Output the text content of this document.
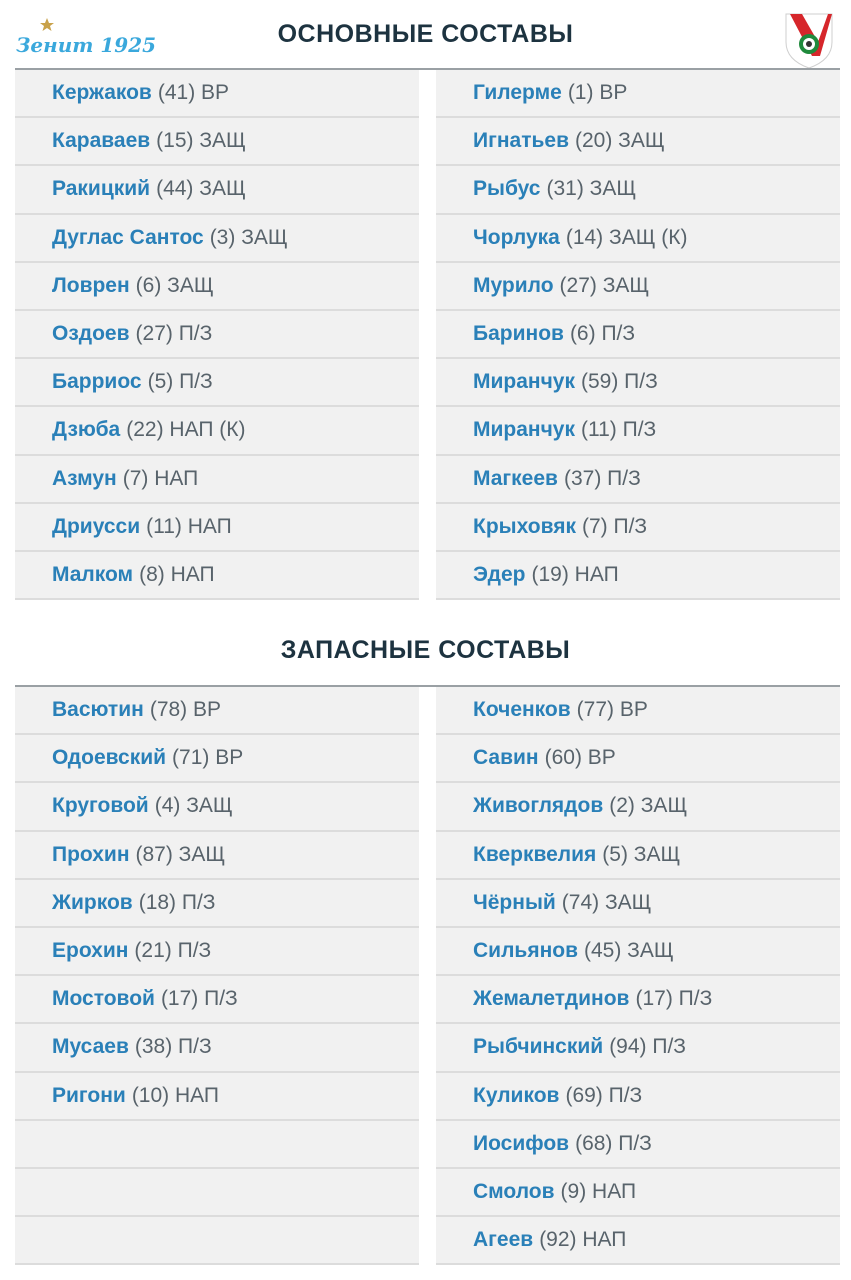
Зенит 1925	ОСНОВНЫЕ СОСТАВЫ
Кержаков (41) ВР
Караваев (15) ЗАЩ
Ракицкий (44) ЗАЩ
Дуглас Сантос (3) ЗАЩ
Ловрен (6) ЗАЩ
Оздоев (27) П/З
Барриос (5) П/З
Дзюба (22) НАП (К)
Азмун (7) НАП
Дриусси (11) НАП
Малком (8) НАП
Гилерме (1) ВР
Игнатьев (20) ЗАЩ
Рыбус (31) ЗАЩ
Чорлука (14) ЗАЩ (К)
Мурило (27) ЗАЩ
Баринов (6) П/З
Миранчук (59) П/З
Миранчук (11) П/З
Магкеев (37) П/З
Крыховяк (7) П/З
Эдер (19) НАП
ЗАПАСНЫЕ СОСТАВЫ
Васютин (78) ВР
Одоевский (71) ВР
Круговой (4) ЗАЩ
Прохин (87) ЗАЩ
Жирков (18) П/З
Ерохин (21) П/З
Мостовой (17) П/З
Мусаев (38) П/З
Ригони (10) НАП
Коченков (77) ВР
Савин (60) ВР
Живоглядов (2) ЗАЩ
Кверквелия (5) ЗАЩ
Чёрный (74) ЗАЩ
Сильянов (45) ЗАЩ
Жемалетдинов (17) П/З
Рыбчинский (94) П/З
Куликов (69) П/З
Иосифов (68) П/З
Смолов (9) НАП
Агеев (92) НАП
